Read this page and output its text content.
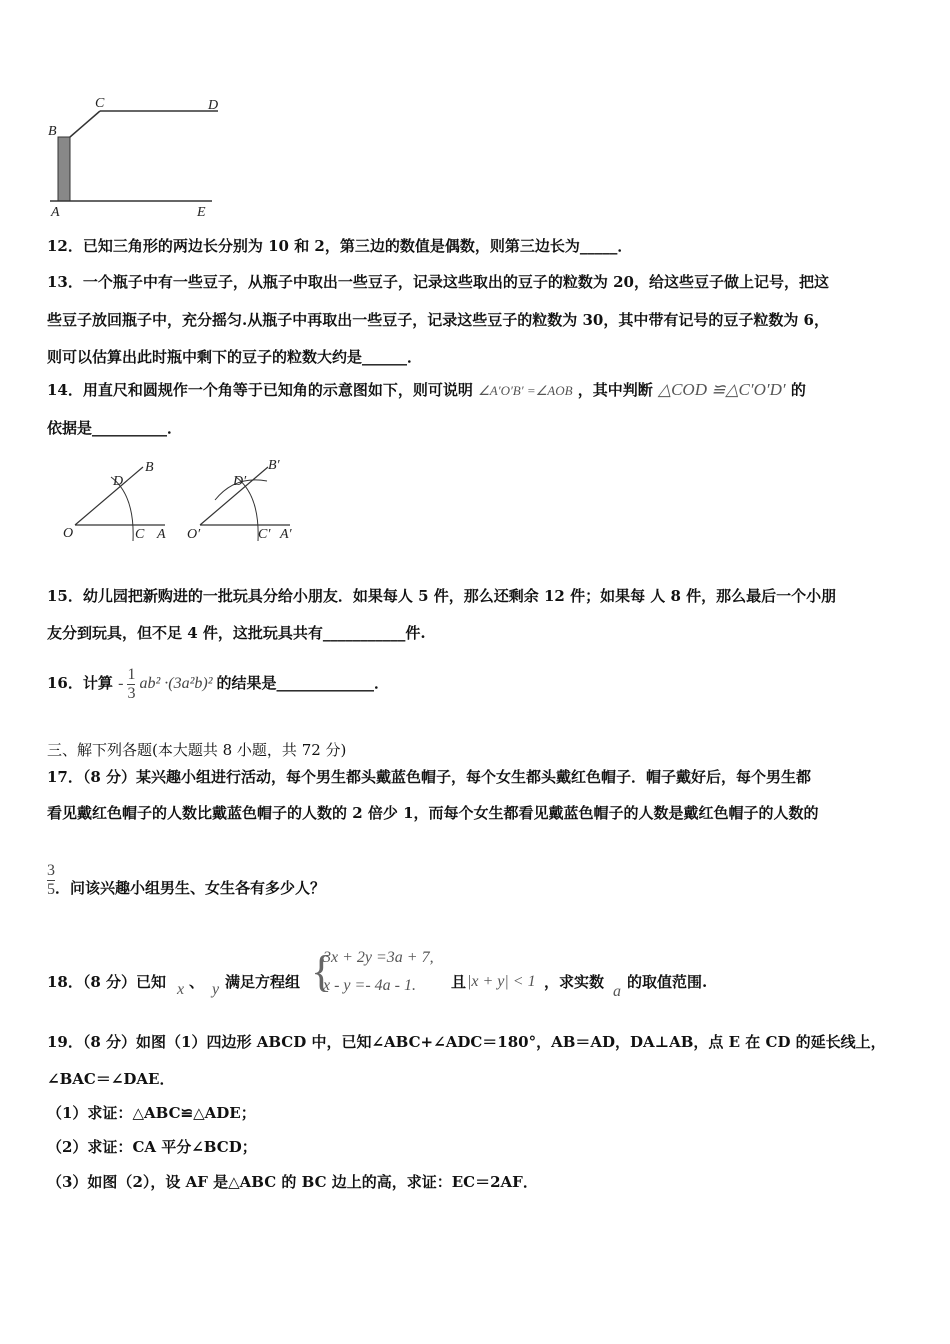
C	D
B
A	E
12．已知三角形的两边长分别为 10 和 2，第三边的数值是偶数，则第三边长为_____．
13．一个瓶子中有一些豆子，从瓶子中取出一些豆子，记录这些取出的豆子的粒数为 20，给这些豆子做上记号，把这
些豆子放回瓶子中，充分摇匀.从瓶子中再取出一些豆子，记录这些豆子的粒数为 30，其中带有记号的豆子粒数为 6，
则可以估算出此时瓶中剩下的豆子的粒数大约是______．
14．用直尺和圆规作一个角等于已知角的示意图如下，则可说明 ∠A′O′B′ =∠AOB ，其中判断 △COD ≌△C′O′D′ 的
依据是__________．
D
B
O	C A
D′
B′
O′	C′ A′
15．幼儿园把新购进的一批玩具分给小朋友．如果每人 5 件，那么还剩余 12 件；如果每 人 8 件，那么最后一个小朋
友分到玩具，但不足 4 件，这批玩具共有___________件.
16．计算 - $\frac{1}{3} ab^2 \cdot(3a^2b)^2$ 的结果是_____________．
三、解下列各题(本大题共 8 小题，共 72 分)
17．（8 分）某兴趣小组进行活动，每个男生都头戴蓝色帽子，每个女生都头戴红色帽子．帽子戴好后，每个男生都
看见戴红色帽子的人数比戴蓝色帽子的人数的 2 倍少 1，而每个女生都看见戴蓝色帽子的人数是戴红色帽子的人数的
$\frac{3}{5}$ ．问该兴趣小组男生、女生各有多少人？
18．（8 分）已知 x 、 y 满足方程组 {
3x + 2y =3a + 7,
x - y =- 4a - 1. 且 |x + y| < 1 ，求实数
a
的取值范围.
19．（8 分）如图（1）四边形 ABCD 中，已知∠ABC+∠ADC＝180°，AB＝AD，DA⊥AB，点 E 在 CD 的延长线上，
∠BAC＝∠DAE．
（1）求证：△ABC≌△ADE；
（2）求证：CA 平分∠BCD；
（3）如图（2），设 AF 是△ABC 的 BC 边上的高，求证：EC＝2AF．
